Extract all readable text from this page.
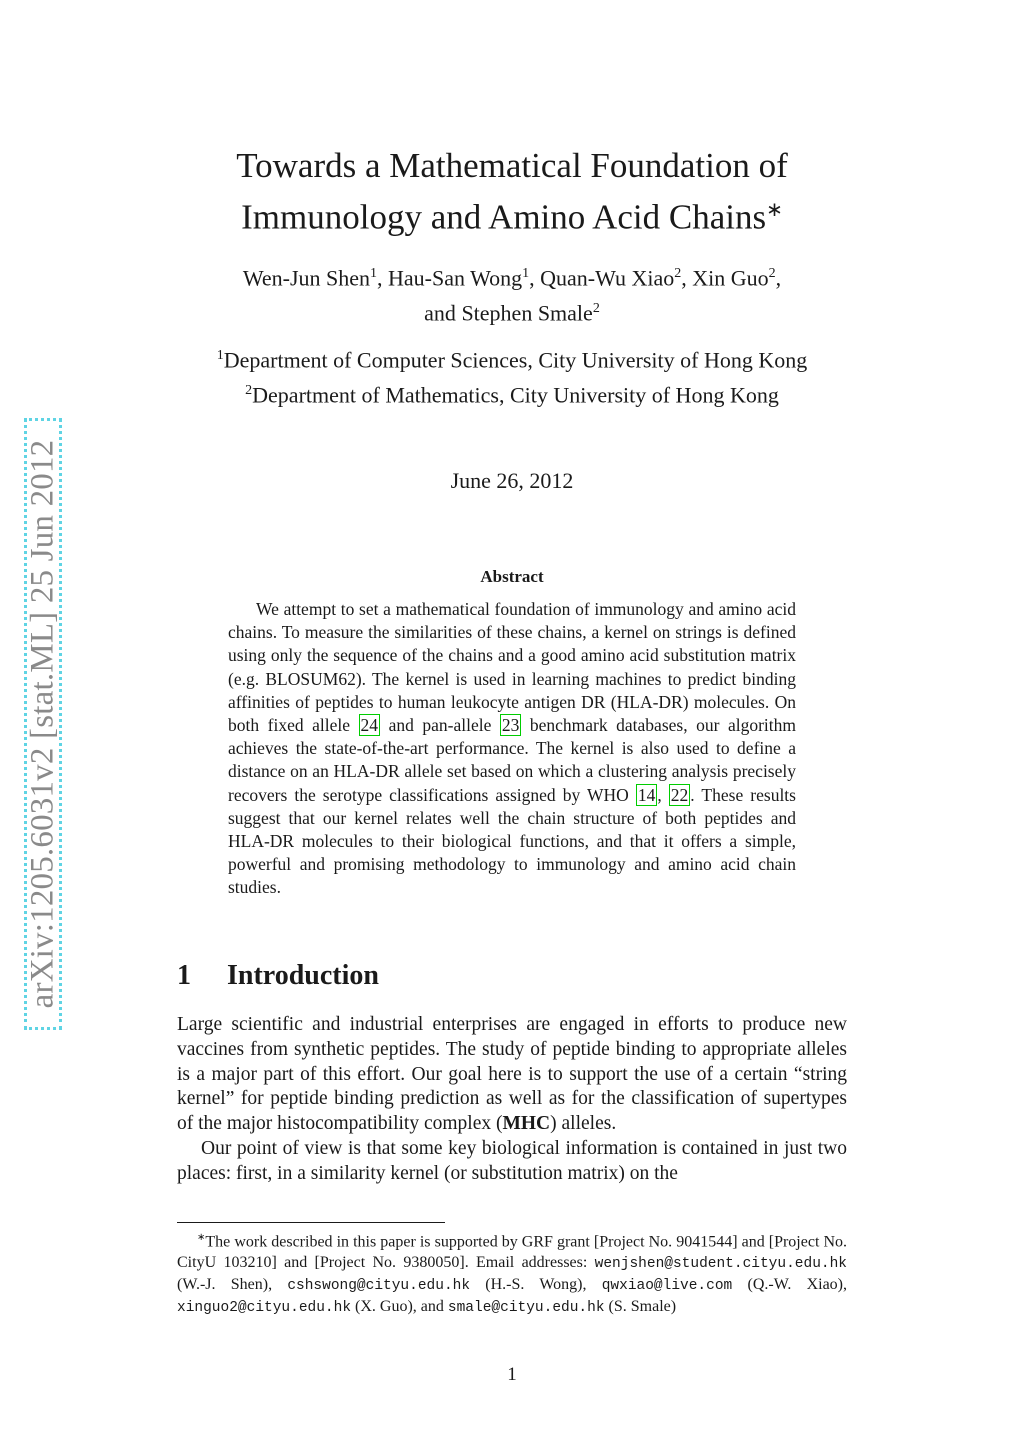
arXiv:1205.6031v2 [stat.ML] 25 Jun 2012
Towards a Mathematical Foundation of
Immunology and Amino Acid Chains∗
Wen-Jun Shen$^1$, Hau-San Wong$^1$, Quan-Wu Xiao$^2$, Xin Guo$^2$,
and Stephen Smale$^2$
$^1$Department of Computer Sciences, City University of Hong Kong
$^2$Department of Mathematics, City University of Hong Kong
June 26, 2012
Abstract

We attempt to set a mathematical foundation of immunology and amino acid chains. To measure the similarities of these chains, a kernel on strings is defined using only the sequence of the chains and a good amino acid substitution matrix (e.g. BLOSUM62). The kernel is used in learning machines to predict binding affinities of peptides to human leukocyte antigen DR (HLA-DR) molecules. On both fixed allele 24 and pan-allele 23 benchmark databases, our algorithm achieves the state-of-the-art performance. The kernel is also used to define a distance on an HLA-DR allele set based on which a clustering analysis precisely recovers the serotype classifications assigned by WHO 14 , 22 . These results suggest that our kernel relates well the chain structure of both peptides and HLA-DR molecules to their biological functions, and that it offers a simple, powerful and promising methodology to immunology and amino acid chain studies.

1 Introduction

Large scientific and industrial enterprises are engaged in efforts to produce new vaccines from synthetic peptides. The study of peptide binding to appropriate alleles is a major part of this effort. Our goal here is to support the use of a certain “string kernel” for peptide binding prediction as well as for the classification of supertypes of the major histocompatibility complex (MHC) alleles.

Our point of view is that some key biological information is contained in just two places: first, in a similarity kernel (or substitution matrix) on the

∗The work described in this paper is supported by GRF grant [Project No. 9041544] and [Project No. CityU 103210] and [Project No. 9380050]. Email addresses: wenjshen@student.cityu.edu.hk (W.-J. Shen), cshswong@cityu.edu.hk (H.-S. Wong), qwxiao@live.com (Q.-W. Xiao), xinguo2@cityu.edu.hk (X. Guo), and smale@cityu.edu.hk (S. Smale)

1
